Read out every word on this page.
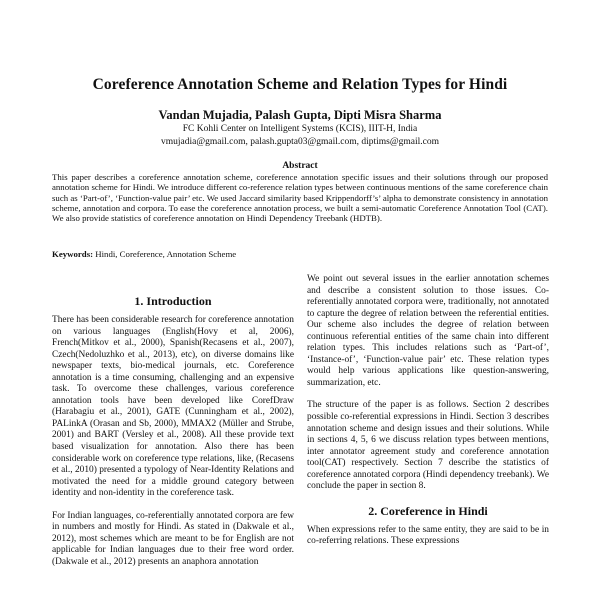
Coreference Annotation Scheme and Relation Types for Hindi
Vandan Mujadia, Palash Gupta, Dipti Misra Sharma
FC Kohli Center on Intelligent Systems (KCIS), IIIT-H, India
vmujadia@gmail.com, palash.gupta03@gmail.com, diptims@gmail.com
Abstract
This paper describes a coreference annotation scheme, coreference annotation specific issues and their solutions through our proposed annotation scheme for Hindi. We introduce different co-reference relation types between continuous mentions of the same coreference chain such as ‘Part-of’, ‘Function-value pair’ etc. We used Jaccard similarity based Krippendorff’s’ alpha to demonstrate consistency in annotation scheme, annotation and corpora. To ease the coreference annotation process, we built a semi-automatic Coreference Annotation Tool (CAT). We also provide statistics of coreference annotation on Hindi Dependency Treebank (HDTB).
Keywords: Hindi, Coreference, Annotation Scheme
1. Introduction

There has been considerable research for coreference annotation on various languages (English(Hovy et al, 2006), French(Mitkov et al., 2000), Spanish(Recasens et al., 2007), Czech(Nedoluzhko et al., 2013), etc), on diverse domains like newspaper texts, bio-medical journals, etc. Coreference annotation is a time consuming, challenging and an expensive task. To overcome these challenges, various coreference annotation tools have been developed like CorefDraw (Harabagiu et al., 2001), GATE (Cunningham et al., 2002), PALinkA (Orasan and Sb, 2000), MMAX2 (Müller and Strube, 2001) and BART (Versley et al., 2008). All these provide text based visualization for annotation. Also there has been considerable work on coreference type relations, like, (Recasens et al., 2010) presented a typology of Near-Identity Relations and motivated the need for a middle ground category between identity and non-identity in the coreference task.

For Indian languages, co-referentially annotated corpora are few in numbers and mostly for Hindi. As stated in (Dakwale et al., 2012), most schemes which are meant to be for English are not applicable for Indian languages due to their free word order. (Dakwale et al., 2012) presents an anaphora annotation

We point out several issues in the earlier annotation schemes and describe a consistent solution to those issues. Co-referentially annotated corpora were, traditionally, not annotated to capture the degree of relation between the referential entities. Our scheme also includes the degree of relation between continuous referential entities of the same chain into different relation types. This includes relations such as ‘Part-of’, ‘Instance-of’, ‘Function-value pair’ etc. These relation types would help various applications like question-answering, summarization, etc.

The structure of the paper is as follows. Section 2 describes possible co-referential expressions in Hindi. Section 3 describes annotation scheme and design issues and their solutions. While in sections 4, 5, 6 we discuss relation types between mentions, inter annotator agreement study and coreference annotation tool(CAT) respectively. Section 7 describe the statistics of coreference annotated corpora (Hindi dependency treebank). We conclude the paper in section 8.

2. Coreference in Hindi

When expressions refer to the same entity, they are said to be in co-referring relations. These expressions
